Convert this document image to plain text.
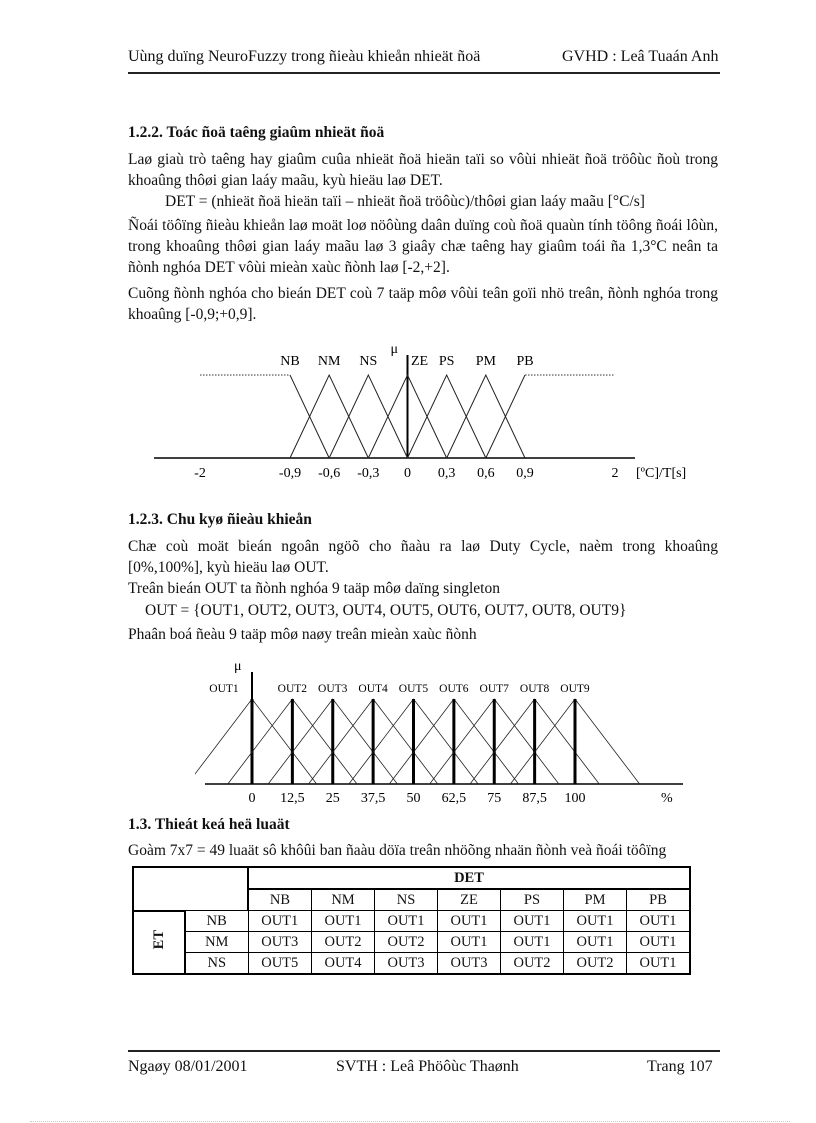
Uùng duïng NeuroFuzzy trong ñieàu khieån nhieät ñoä	GVHD : Leâ Tuaán Anh
1.2.2. Toác ñoä taêng giaûm nhieät ñoä
Laø giaù trò taêng hay giaûm cuûa nhieät ñoä hieän taïi so vôùi nhieät ñoä tröôùc ñoù trong khoaûng thôøi gian laáy maãu, kyù hieäu laø DET.
DET = (nhieät ñoä hieän taïi – nhieät ñoä tröôùc)/thôøi gian laáy maãu [°C/s]
Ñoái töôïng ñieàu khieån laø moät loø nöôùng daân duïng coù ñoä quaùn tính töông ñoái lôùn, trong khoaûng thôøi gian laáy maãu laø 3 giaây chæ taêng hay giaûm toái ña 1,3°C neân ta ñònh nghóa DET vôùi mieàn xaùc ñònh laø [-2,+2].
Cuõng ñònh nghóa cho bieán DET coù 7 taäp môø vôùi teân goïi nhö treân, ñònh nghóa trong khoaûng [-0,9;+0,9].
μ
NB NM NS ZE PS PM PB
-2	-0,9 -0,6 -0,3 0 0,3 0,6 0,9	2 [ºC]/T[s]
1.2.3. Chu kyø ñieàu khieån
Chæ coù moät bieán ngoân ngöõ cho ñaàu ra laø Duty Cycle, naèm trong khoaûng [0%,100%], kyù hieäu laø OUT.
Treân bieán OUT ta ñònh nghóa 9 taäp môø daïng singleton
OUT = {OUT1, OUT2, OUT3, OUT4, OUT5, OUT6, OUT7, OUT8, OUT9}
Phaân boá ñeàu 9 taäp môø naøy treân mieàn xaùc ñònh
μ
OUT1
0
OUT2
12,5
OUT3
25
OUT4
37,5
OUT5
50
OUT6
62,5
OUT7
75
OUT8
87,5
OUT9
100	%
1.3. Thieát keá heä luaät
Goàm 7x7 = 49 luaät sô khôûi ban ñaàu döïa treân nhöõng nhaän ñònh veà ñoái töôïng
		DET						
		NB	NM	NS	ZE	PS	PM	PB
ET	NB	OUT1	OUT1	OUT1	OUT1	OUT1	OUT1	OUT1
	NM	OUT3	OUT2	OUT2	OUT1	OUT1	OUT1	OUT1
	NS	OUT5	OUT4	OUT3	OUT3	OUT2	OUT2	OUT1
Ngaøy 08/01/2001	SVTH : Leâ Phöôùc Thaønh	Trang 107
